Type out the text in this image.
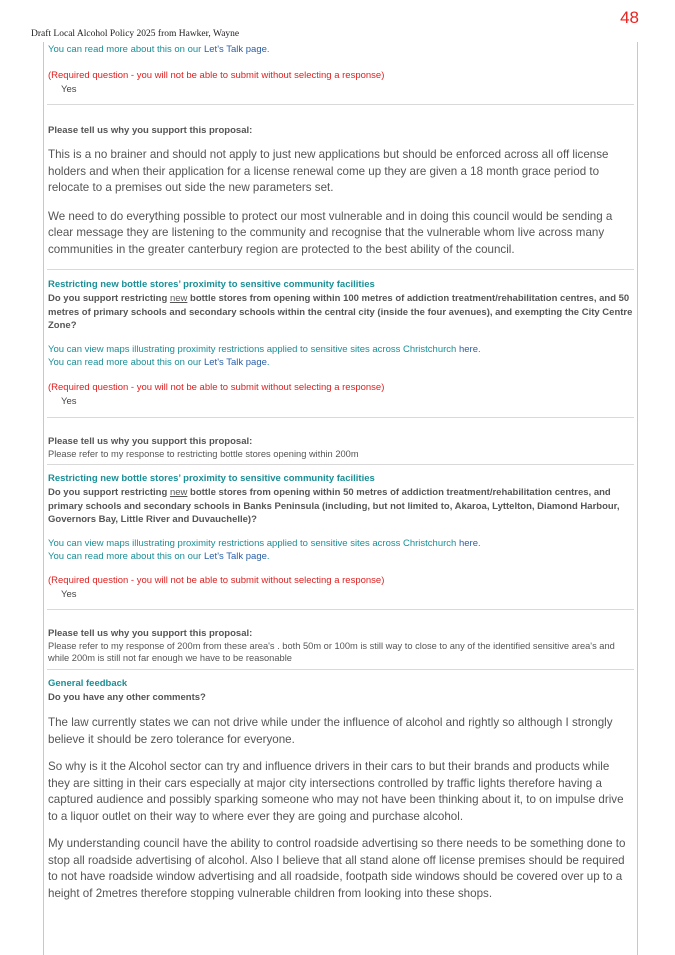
48
Draft Local Alcohol Policy 2025 from Hawker, Wayne
You can read more about this on our Let's Talk page.
(Required question - you will not be able to submit without selecting a response)
Yes
Please tell us why you support this proposal:
This is a no brainer and should not apply to just new applications but should be enforced across all off license holders and when their application for a license renewal come up they are given a 18 month grace period to relocate to a premises out side the new parameters set.
We need to do everything possible to protect our most vulnerable and in doing this council would be sending a clear message they are listening to the community and recognise that the vulnerable whom live across many communities in the greater canterbury region are protected to the best ability of the council.
Restricting new bottle stores’ proximity to sensitive community facilities
Do you support restricting new bottle stores from opening within 100 metres of addiction treatment/rehabilitation centres, and 50 metres of primary schools and secondary schools within the central city (inside the four avenues), and exempting the City Centre Zone?
You can view maps illustrating proximity restrictions applied to sensitive sites across Christchurch here.
You can read more about this on our Let's Talk page.
(Required question - you will not be able to submit without selecting a response)
Yes
Please tell us why you support this proposal:
Please refer to my response to restricting bottle stores opening within 200m
Restricting new bottle stores’ proximity to sensitive community facilities
Do you support restricting new bottle stores from opening within 50 metres of addiction treatment/rehabilitation centres, and primary schools and secondary schools in Banks Peninsula (including, but not limited to, Akaroa, Lyttelton, Diamond Harbour, Governors Bay, Little River and Duvauchelle)?
You can view maps illustrating proximity restrictions applied to sensitive sites across Christchurch here.
You can read more about this on our Let's Talk page.
(Required question - you will not be able to submit without selecting a response)
Yes
Please tell us why you support this proposal:
Please refer to my response of 200m from these area's . both 50m or 100m is still way to close to any of the identified sensitive area's and while 200m is still not far enough we have to be reasonable
General feedback
Do you have any other comments?
The law currently states we can not drive while under the influence of alcohol and rightly so although I strongly believe it should be zero tolerance for everyone.
So why is it the Alcohol sector can try and influence drivers in their cars to but their brands and products while they are sitting in their cars especially at major city intersections controlled by traffic lights therefore having a captured audience and possibly sparking someone who may not have been thinking about it, to on impulse drive to a liquor outlet on their way to where ever they are going and purchase alcohol.
My understanding council have the ability to control roadside advertising so there needs to be something done to stop all roadside advertising of alcohol. Also I believe that all stand alone off license premises should be required to not have roadside window advertising and all roadside, footpath side windows should be covered over up to a height of 2metres therefore stopping vulnerable children from looking into these shops.
